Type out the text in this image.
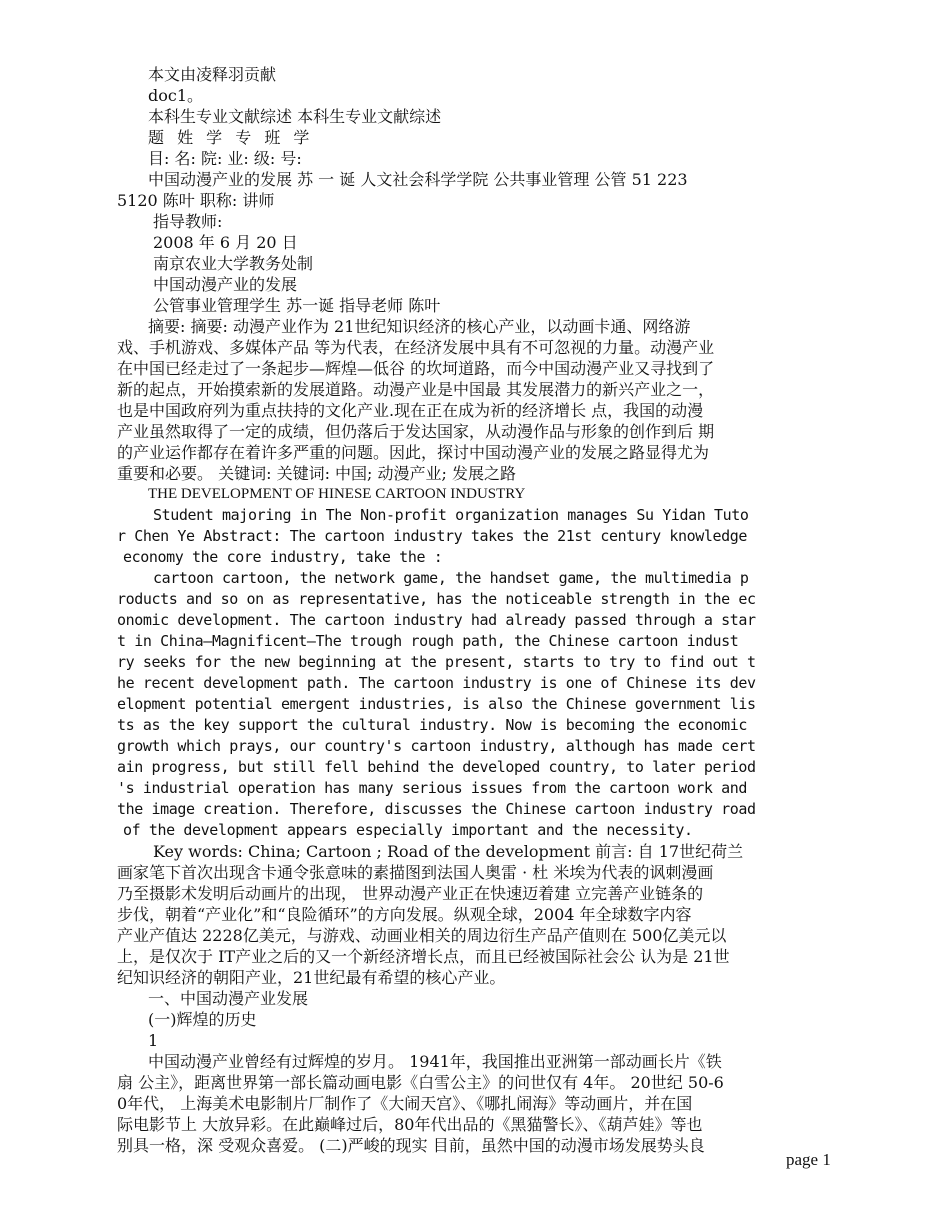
本文由凌释羽贡献
doc1。
本科生专业文献综述 本科生专业文献综述
题 姓 学 专 班 学
目: 名: 院: 业: 级: 号:
中国动漫产业的发展 苏 一 诞 人文社会科学学院 公共事业管理 公管 51 223
5120 陈叶 职称: 讲师
指导教师:
2008 年 6 月 20 日
南京农业大学教务处制
中国动漫产业的发展
公管事业管理学生 苏一诞 指导老师 陈叶
摘要: 摘要: 动漫产业作为 21世纪知识经济的核心产业，以动画卡通、网络游
戏、手机游戏、多媒体产品 等为代表，在经济发展中具有不可忽视的力量。动漫产业
在中国已经走过了一条起步—辉煌—低谷 的坎坷道路，而今中国动漫产业又寻找到了
新的起点，开始摸索新的发展道路。动漫产业是中国最 其发展潜力的新兴产业之一，
也是中国政府列为重点扶持的文化产业.现在正在成为祈的经济增长 点，我国的动漫
产业虽然取得了一定的成绩，但仍落后于发达国家，从动漫作品与形象的创作到后 期
的产业运作都存在着许多严重的问题。因此，探讨中国动漫产业的发展之路显得尤为
重要和必要。 关键词: 关键词: 中国; 动漫产业; 发展之路
THE DEVELOPMENT OF HINESE CARTOON INDUSTRY
Student majoring in The Non-profit organization manages Su Yidan Tuto
r Chen Ye Abstract: The cartoon industry takes the 21st century knowledge
economy the core industry, take the :
cartoon cartoon, the network game, the handset game, the multimedia p
roducts and so on as representative, has the noticeable strength in the ec
onomic development. The cartoon industry had already passed through a star
t in China—Magnificent—The trough rough path, the Chinese cartoon indust
ry seeks for the new beginning at the present, starts to try to find out t
he recent development path. The cartoon industry is one of Chinese its dev
elopment potential emergent industries, is also the Chinese government lis
ts as the key support the cultural industry. Now is becoming the economic
growth which prays, our country's cartoon industry, although has made cert
ain progress, but still fell behind the developed country, to later period
's industrial operation has many serious issues from the cartoon work and
the image creation. Therefore, discusses the Chinese cartoon industry road
of the development appears especially important and the necessity.
Key words: China; Cartoon ; Road of the development 前言: 自 17世纪荷兰
画家笔下首次出现含卡通令张意味的素描图到法国人奥雷 · 杜 米埃为代表的讽刺漫画
乃至摄影术发明后动画片的出现， 世界动漫产业正在快速迈着建 立完善产业链条的
步伐，朝着“产业化”和“良险循环”的方向发展。纵观全球，2004 年全球数字内容
产业产值达 2228亿美元，与游戏、动画业相关的周边衍生产品产值则在 500亿美元以
上，是仅次于 IT产业之后的又一个新经济增长点，而且已经被国际社会公 认为是 21世
纪知识经济的朝阳产业，21世纪最有希望的核心产业。
一、中国动漫产业发展
(一)辉煌的历史
1
中国动漫产业曾经有过辉煌的岁月。 1941年，我国推出亚洲第一部动画长片《铁
扇 公主》，距离世界第一部长篇动画电影《白雪公主》的问世仅有 4年。 20世纪 50-6
0年代， 上海美术电影制片厂制作了《大闹天宫》、《哪扎闹海》等动画片，并在国
际电影节上 大放异彩。在此巅峰过后，80年代出品的《黑猫警长》、《葫芦娃》等也
别具一格，深 受观众喜爱。 (二)严峻的现实 目前，虽然中国的动漫市场发展势头良
page 1
